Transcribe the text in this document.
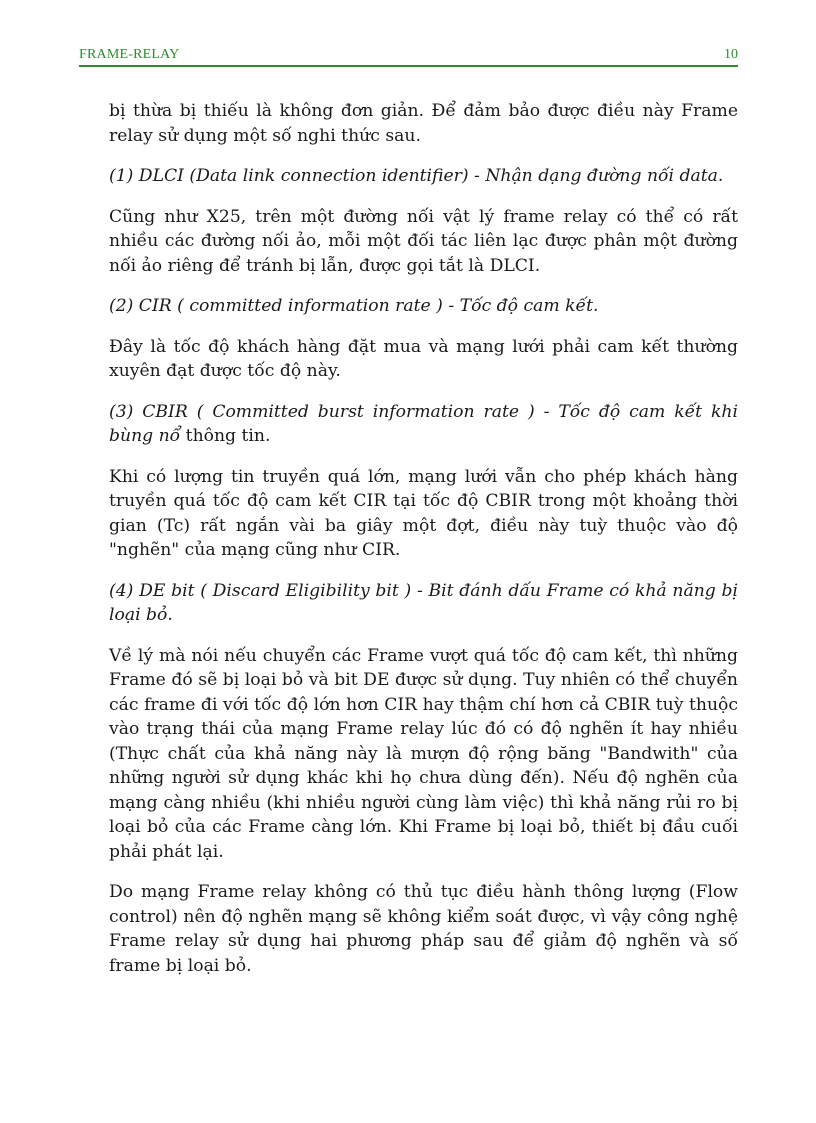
FRAME-RELAY	10

bị thừa bị thiếu là không đơn giản. Để đảm bảo được điều này Frame relay sử dụng một số nghi thức sau.

(1) DLCI (Data link connection identifier) - Nhận dạng đường nối data.

Cũng như X25, trên một đường nối vật lý frame relay có thể có rất nhiều các đường nối ảo, mỗi một đối tác liên lạc được phân một đường nối ảo riêng để tránh bị lẫn, được gọi tắt là DLCI.

(2) CIR ( committed information rate ) - Tốc độ cam kết.

Đây là tốc độ khách hàng đặt mua và mạng lưới phải cam kết thường xuyên đạt được tốc độ này.

(3) CBIR ( Committed burst information rate ) - Tốc độ cam kết khi bùng nổ thông tin.

Khi có lượng tin truyền quá lớn, mạng lưới vẫn cho phép khách hàng truyền quá tốc độ cam kết CIR tại tốc độ CBIR trong một khoảng thời gian (Tc) rất ngắn vài ba giây một đợt, điều này tuỳ thuộc vào độ "nghẽn" của mạng cũng như CIR.

(4) DE bit ( Discard Eligibility bit ) - Bit đánh dấu Frame có khả năng bị loại bỏ.

Về lý mà nói nếu chuyển các Frame vượt quá tốc độ cam kết, thì những Frame đó sẽ bị loại bỏ và bit DE được sử dụng. Tuy nhiên có thể chuyển các frame đi với tốc độ lớn hơn CIR hay thậm chí hơn cả CBIR tuỳ thuộc vào trạng thái của mạng Frame relay lúc đó có độ nghẽn ít hay nhiều (Thực chất của khả năng này là mượn độ rộng băng "Bandwith" của những người sử dụng khác khi họ chưa dùng đến). Nếu độ nghẽn của mạng càng nhiều (khi nhiều người cùng làm việc) thì khả năng rủi ro bị loại bỏ của các Frame càng lớn. Khi Frame bị loại bỏ, thiết bị đầu cuối phải phát lại.

Do mạng Frame relay không có thủ tục điều hành thông lượng (Flow control) nên độ nghẽn mạng sẽ không kiểm soát được, vì vậy công nghệ Frame relay sử dụng hai phương pháp sau để giảm độ nghẽn và số frame bị loại bỏ.
